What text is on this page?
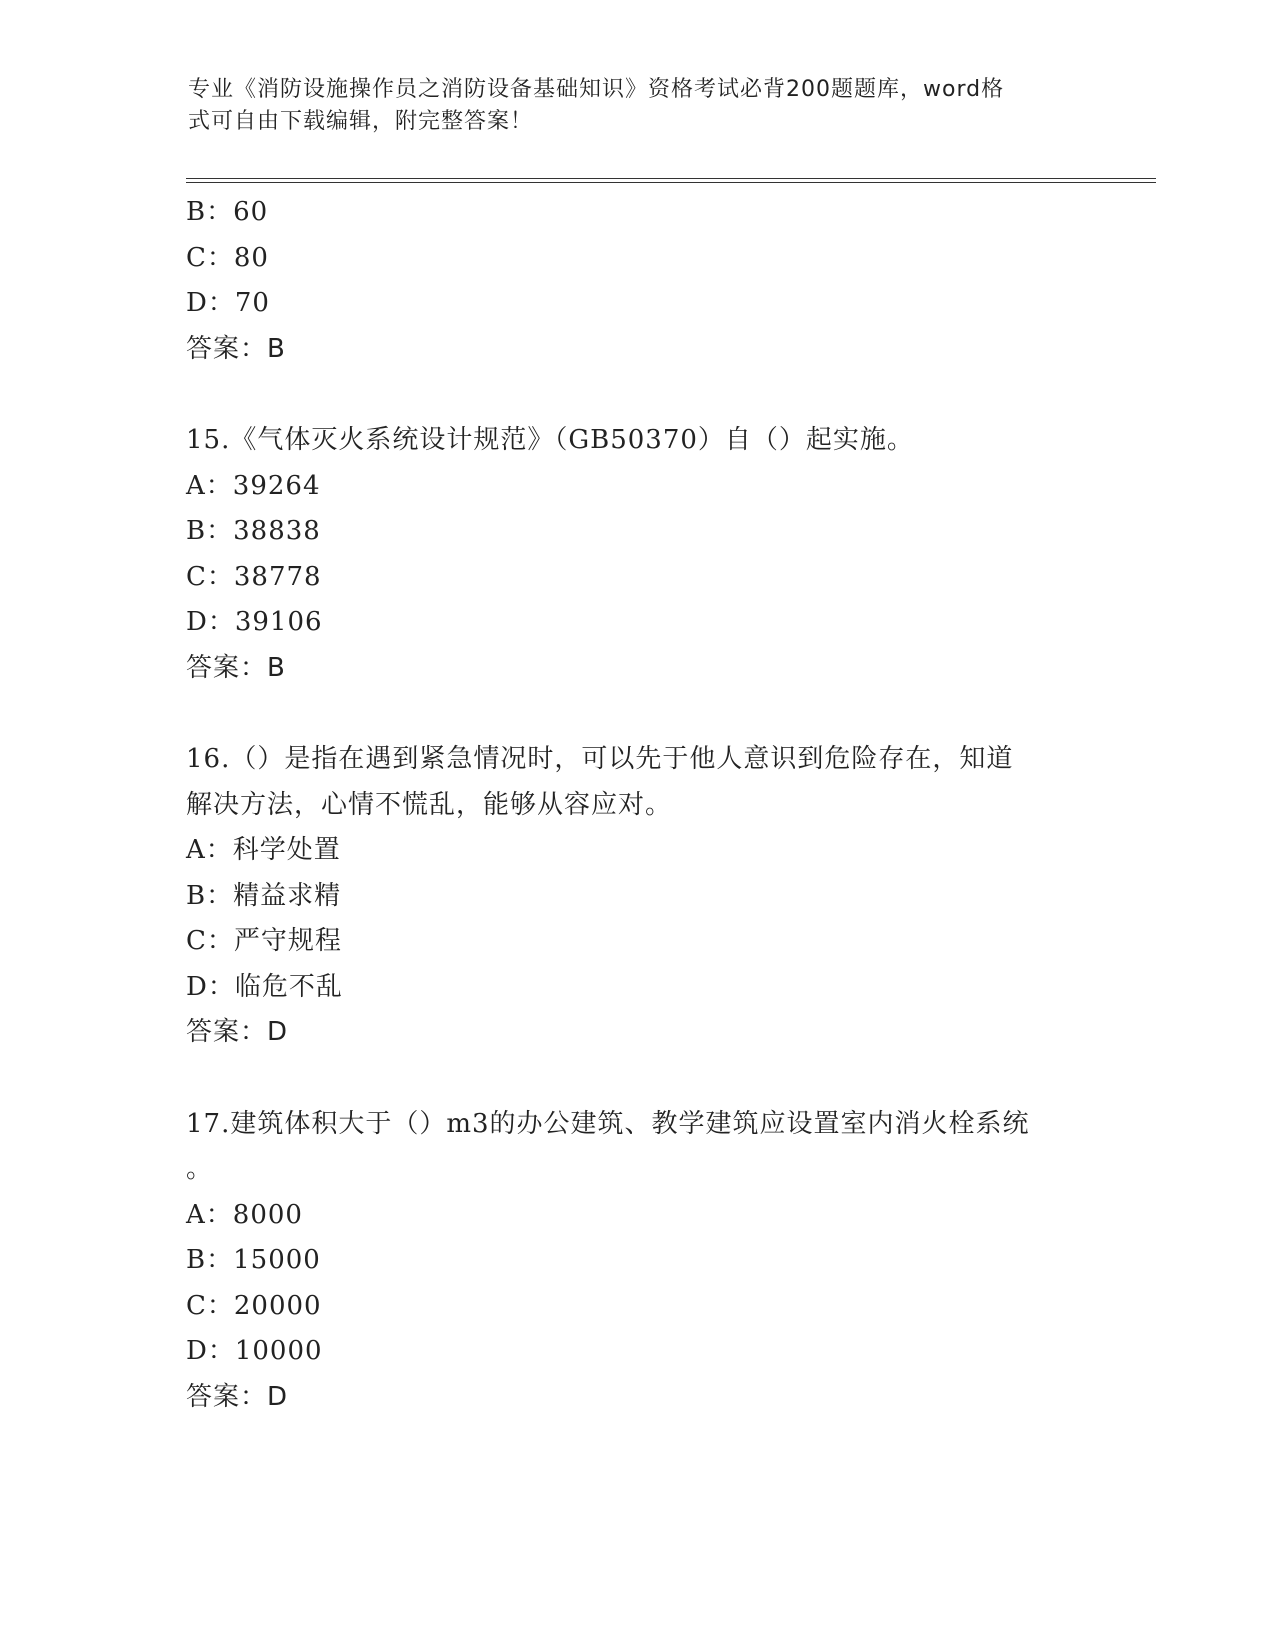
专业《消防设施操作员之消防设备基础知识》资格考试必背200题题库，word格
式可自由下载编辑，附完整答案！
B：60
C：80
D：70
答案：B
15.《气体灭火系统设计规范》（GB50370）自（）起实施。
A：39264
B：38838
C：38778
D：39106
答案：B
16.（）是指在遇到紧急情况时，可以先于他人意识到危险存在，知道
解决方法，心情不慌乱，能够从容应对。
A：科学处置
B：精益求精
C：严守规程
D：临危不乱
答案：D
17.建筑体积大于（）m3的办公建筑、教学建筑应设置室内消火栓系统
。
A：8000
B：15000
C：20000
D：10000
答案：D
